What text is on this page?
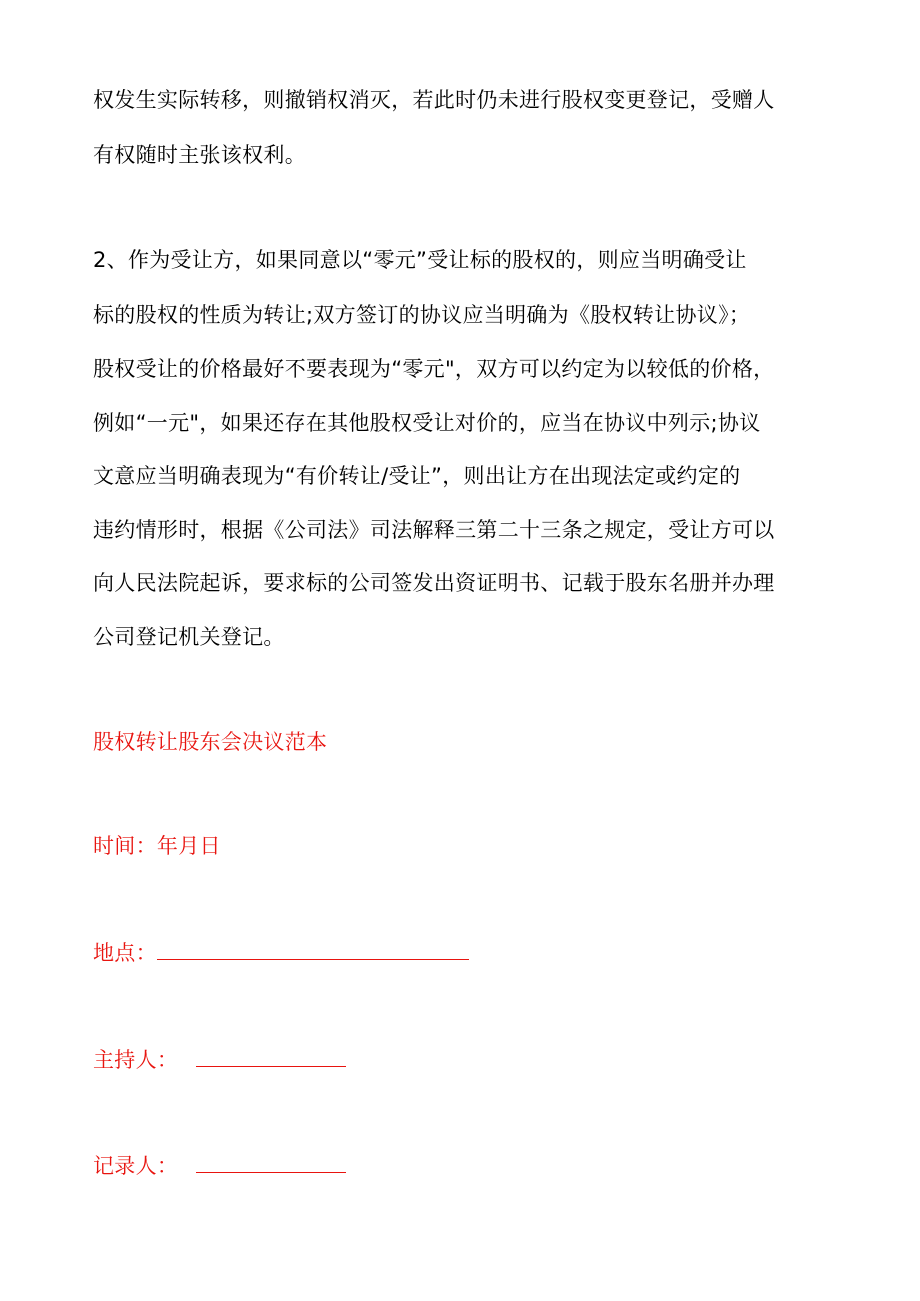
权发生实际转移，则撤销权消灭，若此时仍未进行股权变更登记，受赠人
有权随时主张该权利。
2、作为受让方，如果同意以“零元”受让标的股权的，则应当明确受让
标的股权的性质为转让;双方签订的协议应当明确为《股权转让协议》；
股权受让的价格最好不要表现为“零元"，双方可以约定为以较低的价格，
例如“一元"，如果还存在其他股权受让对价的，应当在协议中列示;协议
文意应当明确表现为“有价转让/受让”，则出让方在出现法定或约定的
违约情形时，根据《公司法》司法解释三第二十三条之规定，受让方可以
向人民法院起诉，要求标的公司签发出资证明书、记载于股东名册并办理
公司登记机关登记。
股权转让股东会决议范本
时间：年月日
地点：
主持人：
记录人：
